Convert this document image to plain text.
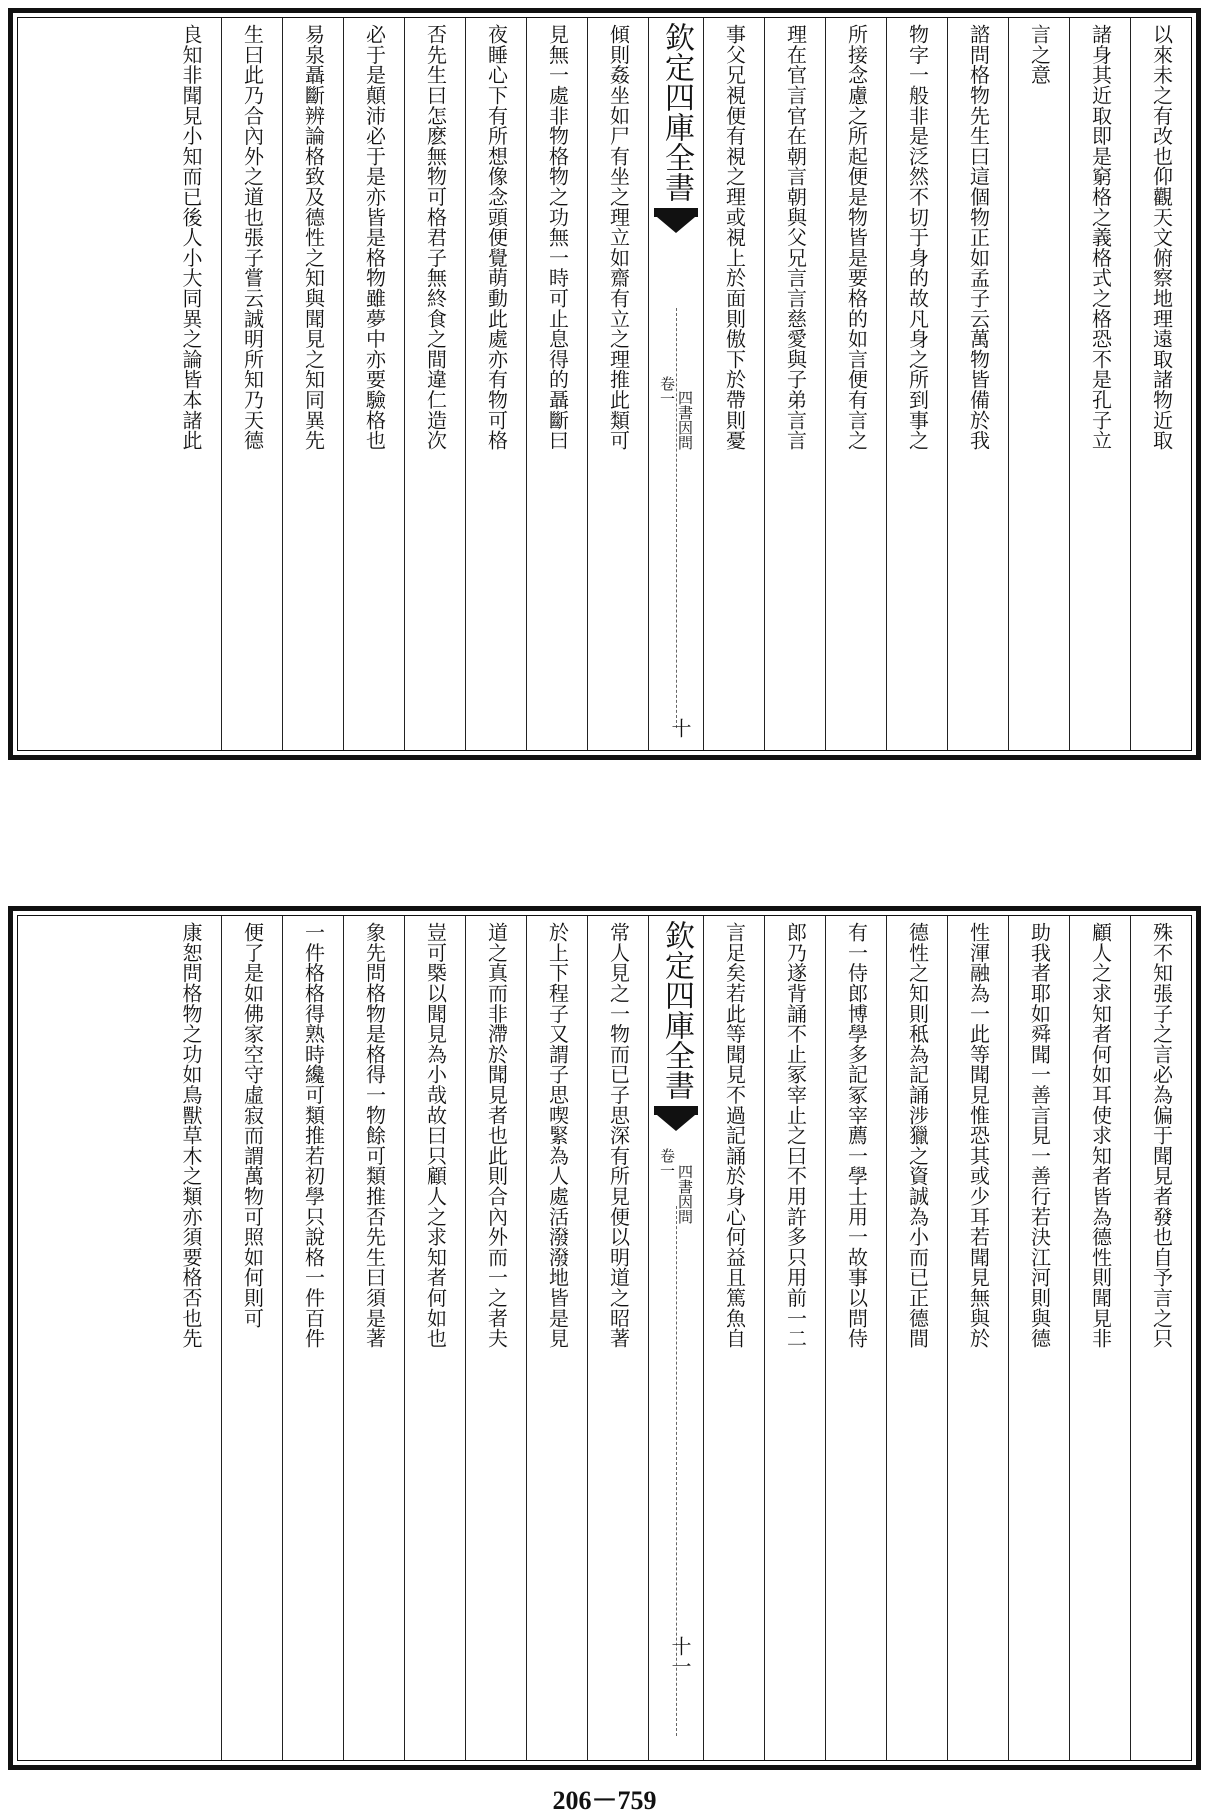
以來未之有改也仰觀天文俯察地理遠取諸物近取
諸身其近取即是窮格之義格式之格恐不是孔子立
言之意
諮問格物先生曰這個物正如孟子云萬物皆備於我
物字一般非是泛然不切于身的故凡身之所到事之
所接念慮之所起便是物皆是要格的如言便有言之
理在官言官在朝言朝與父兄言言慈愛與子弟言言
事父兄視便有視之理或視上於面則傲下於帶則憂
欽定四庫全書
四書因問
卷一
十
傾則姦坐如尸有坐之理立如齋有立之理推此類可
見無一處非物格物之功無一時可止息得的聶斷曰
夜睡心下有所想像念頭便覺萌動此處亦有物可格
否先生曰怎麽無物可格君子無終食之間違仁造次
必于是顛沛必于是亦皆是格物雖夢中亦要驗格也
易泉聶斷辨論格致及德性之知與聞見之知同異先
生曰此乃合內外之道也張子嘗云誠明所知乃天德
良知非聞見小知而已後人小大同異之論皆本諸此
殊不知張子之言必為偏于聞見者發也自予言之只
顧人之求知者何如耳使求知者皆為德性則聞見非
助我者耶如舜聞一善言見一善行若決江河則與德
性渾融為一此等聞見惟恐其或少耳若聞見無與於
德性之知則秪為記誦涉獵之資誠為小而已正德間
有一侍郎博學多記冢宰薦一學士用一故事以問侍
郎乃遂背誦不止冢宰止之曰不用許多只用前一二
言足矣若此等聞見不過記誦於身心何益且篤魚自
欽定四庫全書
四書因問
卷一
十一
常人見之一物而已子思深有所見便以明道之昭著
於上下程子又謂子思喫緊為人處活潑潑地皆是見
道之真而非滯於聞見者也此則合內外而一之者夫
豈可槩以聞見為小哉故曰只顧人之求知者何如也
象先問格物是格得一物餘可類推否先生曰須是著
一件格格得熟時纔可類推若初學只說格一件百件
便了是如佛家空守虛寂而謂萬物可照如何則可
康恕問格物之功如鳥獸草木之類亦須要格否也先
206－759
